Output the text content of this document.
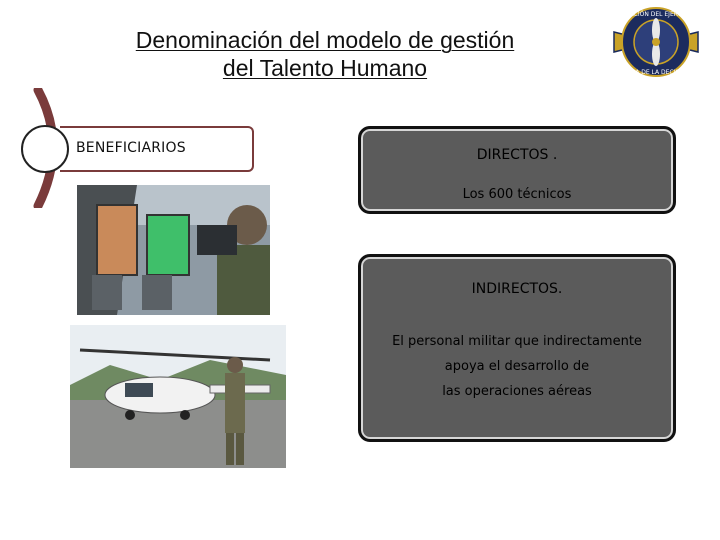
Denominación del modelo de gestión
del Talento Humano
AVIACIÓN DEL EJÉRCITO
ARMA DE LA DECISIÓN
BENEFICIARIOS	DIRECTOS .
Los 600 técnicos
INDIRECTOS.
El personal militar que indirectamente
apoya el desarrollo de
las operaciones aéreas
